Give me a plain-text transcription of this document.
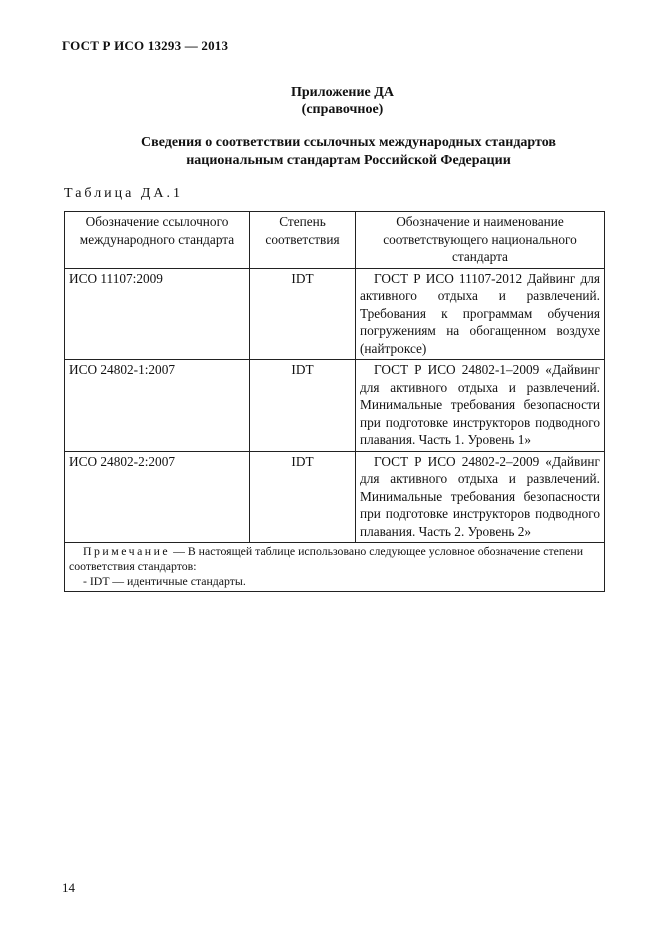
ГОСТ Р ИСО 13293 — 2013
Приложение ДА
(справочное)
Сведения о соответствии ссылочных международных стандартов
национальным стандартам Российской Федерации
Таблица ДА.1
Обозначение ссылочного международного стандарта	Степень соответствия	Обозначение и наименование соответствующего национального стандарта
ИСО 11107:2009	IDT	ГОСТ Р ИСО 11107-2012 Дайвинг для активного отдыха и развлечений. Требования к программам обучения погружениям на обогащенном воздухе (найтроксе)
ИСО 24802-1:2007	IDT	ГОСТ Р ИСО 24802-1–2009 «Дайвинг для активного отдыха и развлечений. Минимальные требования безопасности при подготовке инструкторов подводного плавания. Часть 1. Уровень 1»
ИСО 24802-2:2007	IDT	ГОСТ Р ИСО 24802-2–2009 «Дайвинг для активного отдыха и развлечений. Минимальные требования безопасности при подготовке инструкторов подводного плавания. Часть 2. Уровень 2»

Примечание — В настоящей таблице использовано следующее условное обозначение степени соответствия стандартов:
- IDT — идентичные стандарты.		
14
